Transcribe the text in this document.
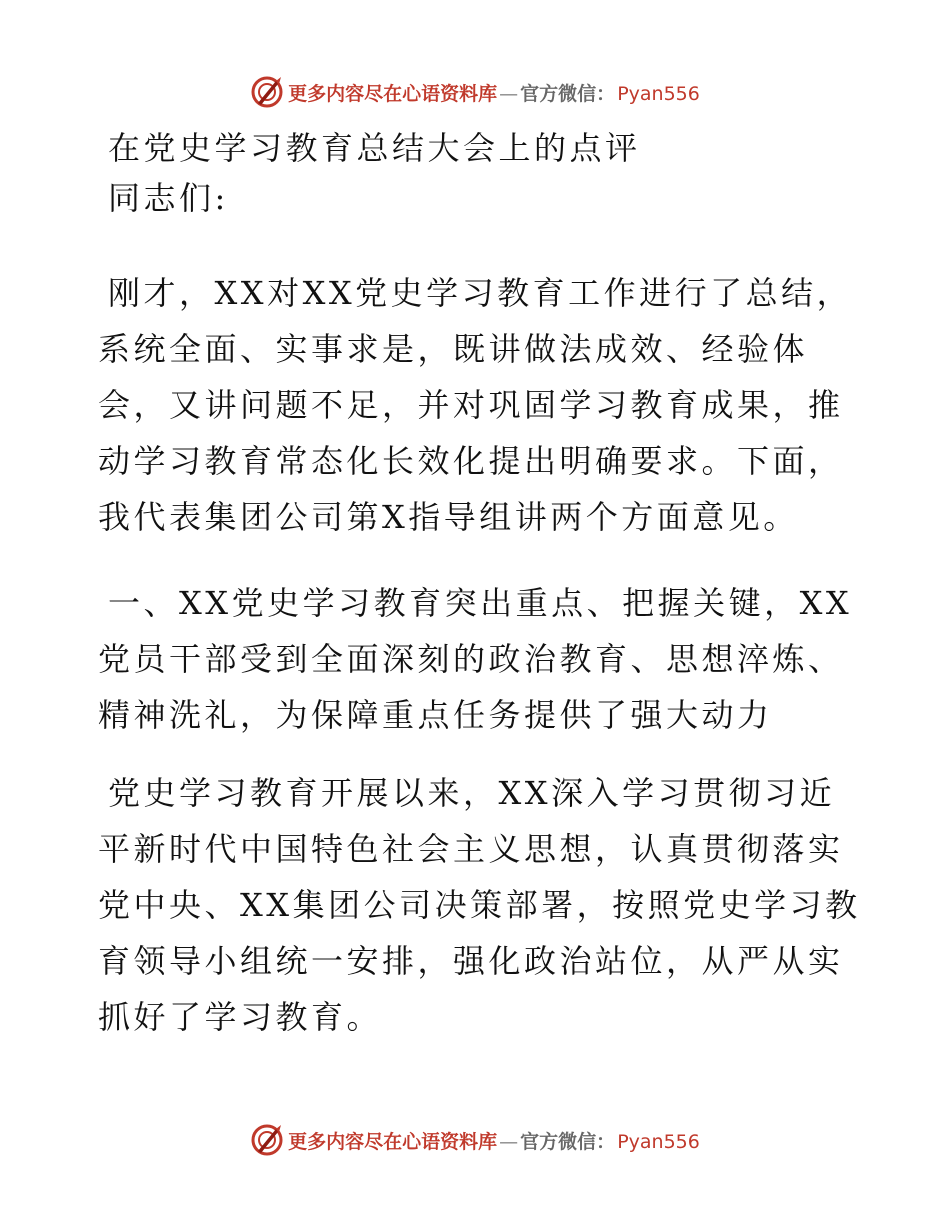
更多内容尽在心语资料库 — 官方微信： Pyan556

在党史学习教育总结大会上的点评

同志们:

刚才，XX对XX党史学习教育工作进行了总结，系统全面、实事求是，既讲做法成效、经验体会，又讲问题不足，并对巩固学习教育成果，推动学习教育常态化长效化提出明确要求。下面，我代表集团公司第X指导组讲两个方面意见。

一、XX党史学习教育突出重点、把握关键，XX党员干部受到全面深刻的政治教育、思想淬炼、精神洗礼，为保障重点任务提供了强大动力

党史学习教育开展以来，XX深入学习贯彻习近平新时代中国特色社会主义思想，认真贯彻落实党中央、XX集团公司决策部署，按照党史学习教育领导小组统一安排，强化政治站位，从严从实抓好了学习教育。

更多内容尽在心语资料库 — 官方微信： Pyan556
